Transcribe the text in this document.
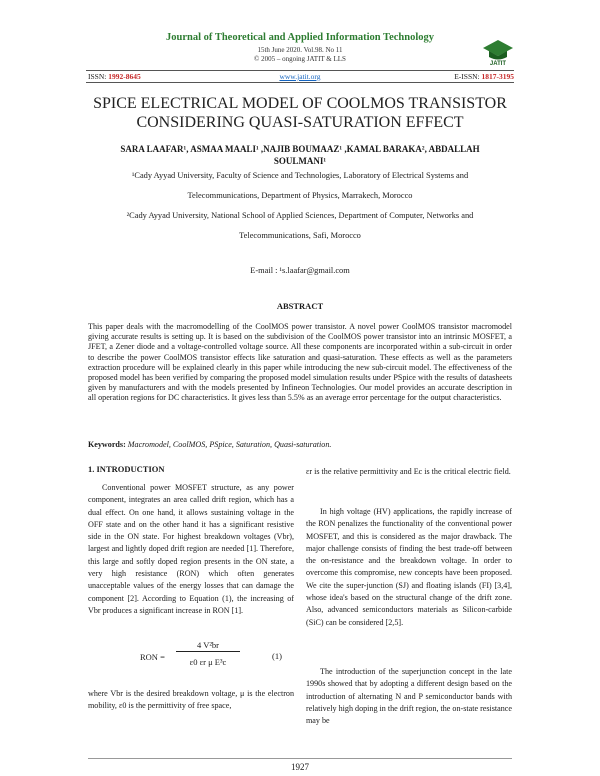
Journal of Theoretical and Applied Information Technology
15th June 2020. Vol.98. No 11
© 2005 – ongoing JATIT & LLS
JATIT
ISSN: 1992-8645	www.jatit.org	E-ISSN: 1817-3195
SPICE ELECTRICAL MODEL OF COOLMOS TRANSISTOR
CONSIDERING QUASI-SATURATION EFFECT
SARA LAAFAR¹, ASMAA MAALI¹ ,NAJIB BOUMAAZ¹ ,KAMAL BARAKA², ABDALLAH
SOULMANI¹
¹Cady Ayyad University, Faculty of Science and Technologies, Laboratory of Electrical Systems and
Telecommunications, Department of Physics, Marrakech, Morocco
²Cady Ayyad University, National School of Applied Sciences, Department of Computer, Networks and
Telecommunications, Safi, Morocco
E-mail : ¹s.laafar@gmail.com
ABSTRACT
This paper deals with the macromodelling of the CoolMOS power transistor. A novel power CoolMOS transistor macromodel giving accurate results is setting up. It is based on the subdivision of the CoolMOS power transistor into an intrinsic MOSFET, a JFET, a Zener diode and a voltage-controlled voltage source. All these components are incorporated within a sub-circuit in order to describe the power CoolMOS transistor effects like saturation and quasi-saturation. These effects as well as the parameters extraction procedure will be explained clearly in this paper while introducing the new sub-circuit model. The effectiveness of the proposed model has been verified by comparing the proposed model simulation results under PSpice with the results of datasheets given by manufacturers and with the models presented by Infineon Technologies. Our model provides an accurate description in all operation regions for DC characteristics. It gives less than 5.5% as an average error percentage for the output characteristics.
Keywords: Macromodel, CoolMOS, PSpice, Saturation, Quasi-saturation.
1. INTRODUCTION
Conventional power MOSFET structure, as any power component, integrates an area called drift region, which has a dual effect. On one hand, it allows sustaining voltage in the OFF state and on the other hand it has a significant resistive side in the ON state. For highest breakdown voltages (Vbr), largest and lightly doped drift region are needed [1]. Therefore, this large and softly doped region presents in the ON state, a very high resistance (RON) which often generates unacceptable values of the energy losses that can damage the component [2]. According to Equation (1), the increasing of Vbr produces a significant increase in RON [1].
RON =
4 V²br
ε0 εr μ E³c
(1)
where Vbr is the desired breakdown voltage, μ is the electron mobility, ε0 is the permittivity of free space,
εr is the relative permittivity and Ec is the critical electric field.
In high voltage (HV) applications, the rapidly increase of the RON penalizes the functionality of the conventional power MOSFET, and this is considered as the major drawback. The major challenge consists of finding the best trade-off between the on-resistance and the breakdown voltage. In order to overcome this compromise, new concepts have been proposed. We cite the super-junction (SJ) and floating islands (FI) [3,4], whose idea's based on the structural change of the drift zone. Also, advanced semiconductors materials as Silicon-carbide (SiC) can be considered [2,5].
The introduction of the superjunction concept in the late 1990s showed that by adopting a different design based on the introduction of alternating N and P semiconductor bands with relatively high doping in the drift region, the on-state resistance may be
1927
